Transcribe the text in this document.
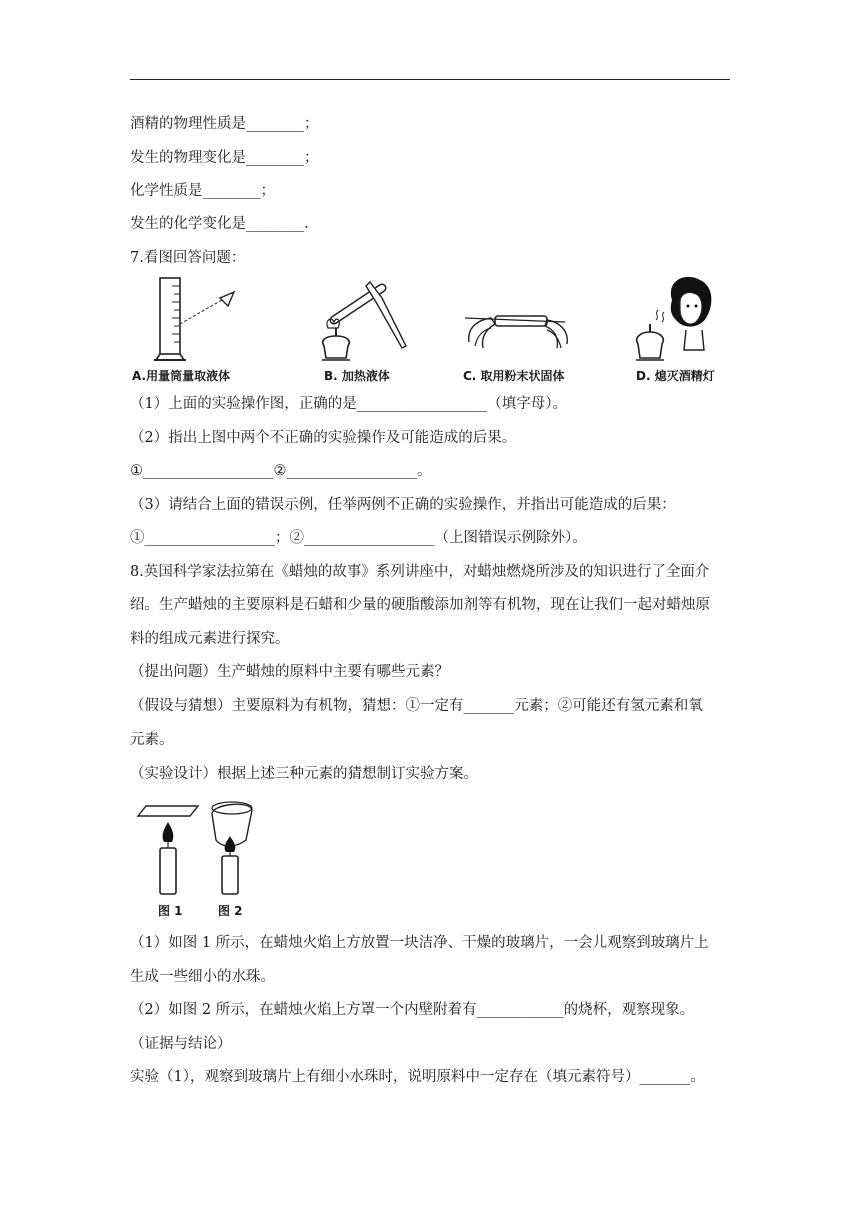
酒精的物理性质是________；
发生的物理变化是________；
化学性质是________；
发生的化学变化是________.
7.看图回答问题：
A.用量筒量取液体	B. 加热液体	C. 取用粉末状固体	D. 熄灭酒精灯
（1）上面的实验操作图，正确的是__________________（填字母）。
（2）指出上图中两个不正确的实验操作及可能造成的后果。
①__________________②__________________。
（3）请结合上面的错误示例，任举两例不正确的实验操作，并指出可能造成的后果：
①__________________；②__________________（上图错误示例除外）。
8.英国科学家法拉第在《蜡烛的故事》系列讲座中，对蜡烛燃烧所涉及的知识进行了全面介
绍。生产蜡烛的主要原料是石蜡和少量的硬脂酸添加剂等有机物，现在让我们一起对蜡烛原
料的组成元素进行探究。
（提出问题）生产蜡烛的原料中主要有哪些元素？
（假设与猜想）主要原料为有机物，猜想：①一定有_______元素；②可能还有氢元素和氧
元素。
（实验设计）根据上述三种元素的猜想制订实验方案。
图 1	图 2
（1）如图 1 所示，在蜡烛火焰上方放置一块洁净、干燥的玻璃片，一会儿观察到玻璃片上
生成一些细小的水珠。
（2）如图 2 所示，在蜡烛火焰上方罩一个内壁附着有____________的烧杯，观察现象。
（证据与结论）
实验（1），观察到玻璃片上有细小水珠时，说明原料中一定存在（填元素符号）_______。
